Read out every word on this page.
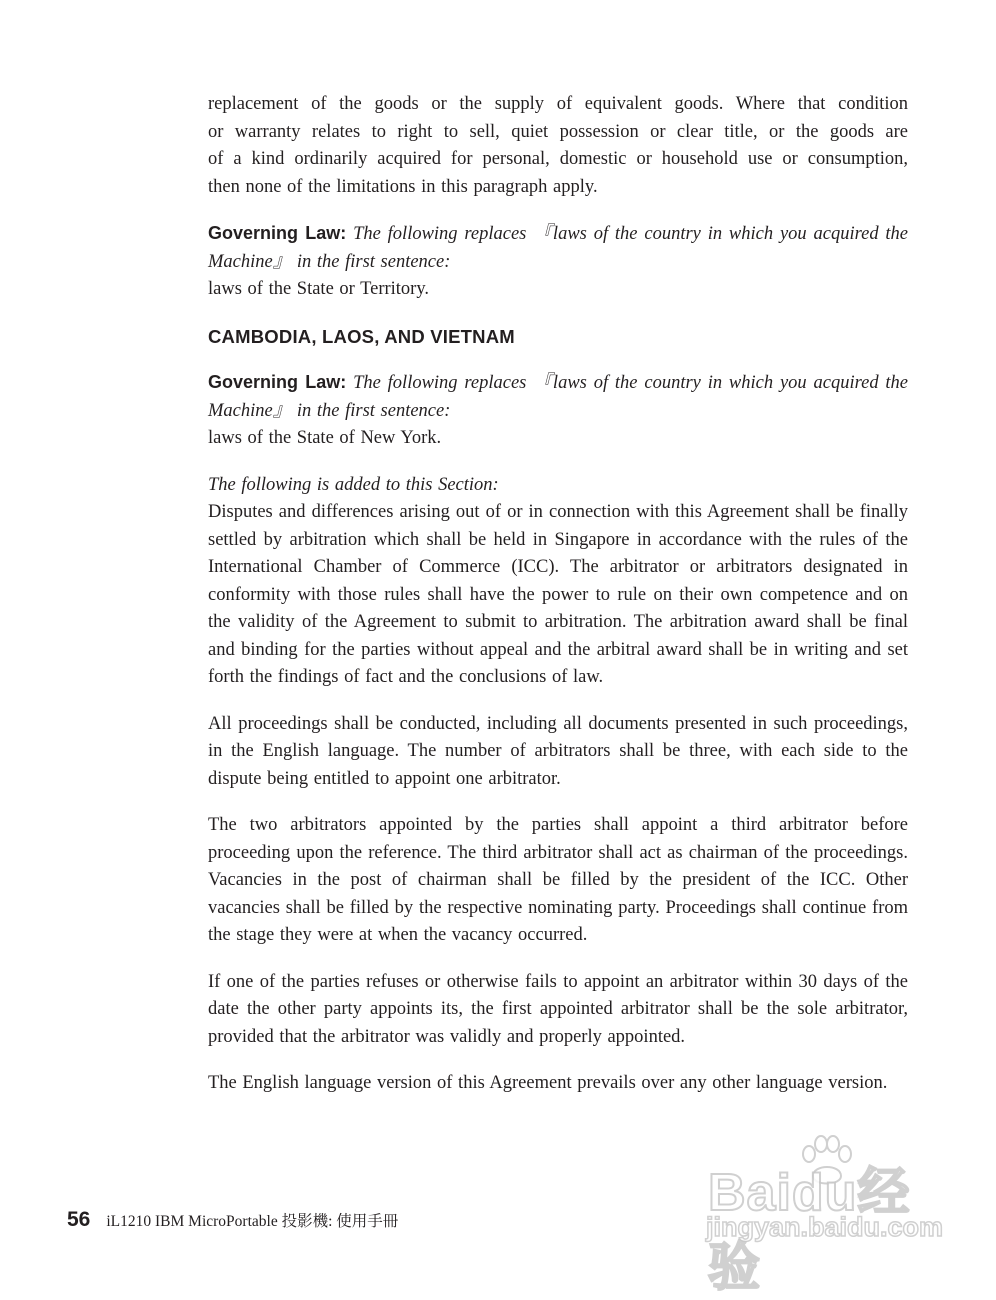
replacement of the goods or the supply of equivalent goods. Where that condition
or warranty relates to right to sell, quiet possession or clear title, or the goods are
of a kind ordinarily acquired for personal, domestic or household use or consumption,
then none of the limitations in this paragraph apply.
Governing Law: The following replaces 『laws of the country in which you acquired the Machine』 in the first sentence:
laws of the State or Territory.
CAMBODIA, LAOS, AND VIETNAM
Governing Law: The following replaces 『laws of the country in which you acquired the Machine』 in the first sentence:
laws of the State of New York.
The following is added to this Section:
Disputes and differences arising out of or in connection with this Agreement shall be finally settled by arbitration which shall be held in Singapore in accordance with the rules of the International Chamber of Commerce (ICC). The arbitrator or arbitrators designated in conformity with those rules shall have the power to rule on their own competence and on the validity of the Agreement to submit to arbitration. The arbitration award shall be final and binding for the parties without appeal and the arbitral award shall be in writing and set forth the findings of fact and the conclusions of law.
All proceedings shall be conducted, including all documents presented in such proceedings, in the English language. The number of arbitrators shall be three, with each side to the dispute being entitled to appoint one arbitrator.
The two arbitrators appointed by the parties shall appoint a third arbitrator before proceeding upon the reference. The third arbitrator shall act as chairman of the proceedings. Vacancies in the post of chairman shall be filled by the president of the ICC. Other vacancies shall be filled by the respective nominating party. Proceedings shall continue from the stage they were at when the vacancy occurred.
If one of the parties refuses or otherwise fails to appoint an arbitrator within 30 days of the date the other party appoints its, the first appointed arbitrator shall be the sole arbitrator, provided that the arbitrator was validly and properly appointed.
The English language version of this Agreement prevails over any other language version.
56 iL1210 IBM MicroPortable 投影機: 使用手冊	Baidu经验
jingyan.baidu.com
